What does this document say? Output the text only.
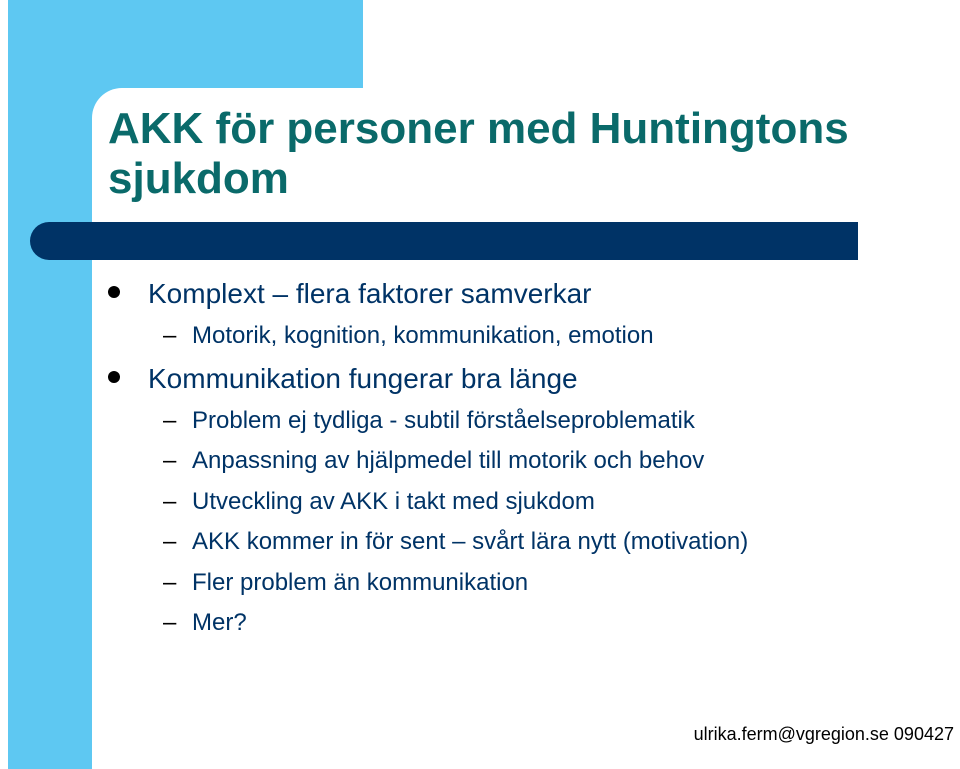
AKK för personer med Huntingtons sjukdom
Komplext – flera faktorer samverkar
– Motorik, kognition, kommunikation, emotion
Kommunikation fungerar bra länge
– Problem ej tydliga - subtil förståelseproblematik
– Anpassning av hjälpmedel till motorik och behov
– Utveckling av AKK i takt med sjukdom
– AKK kommer in för sent – svårt lära nytt (motivation)
– Fler problem än kommunikation
– Mer?
ulrika.ferm@vgregion.se 090427
